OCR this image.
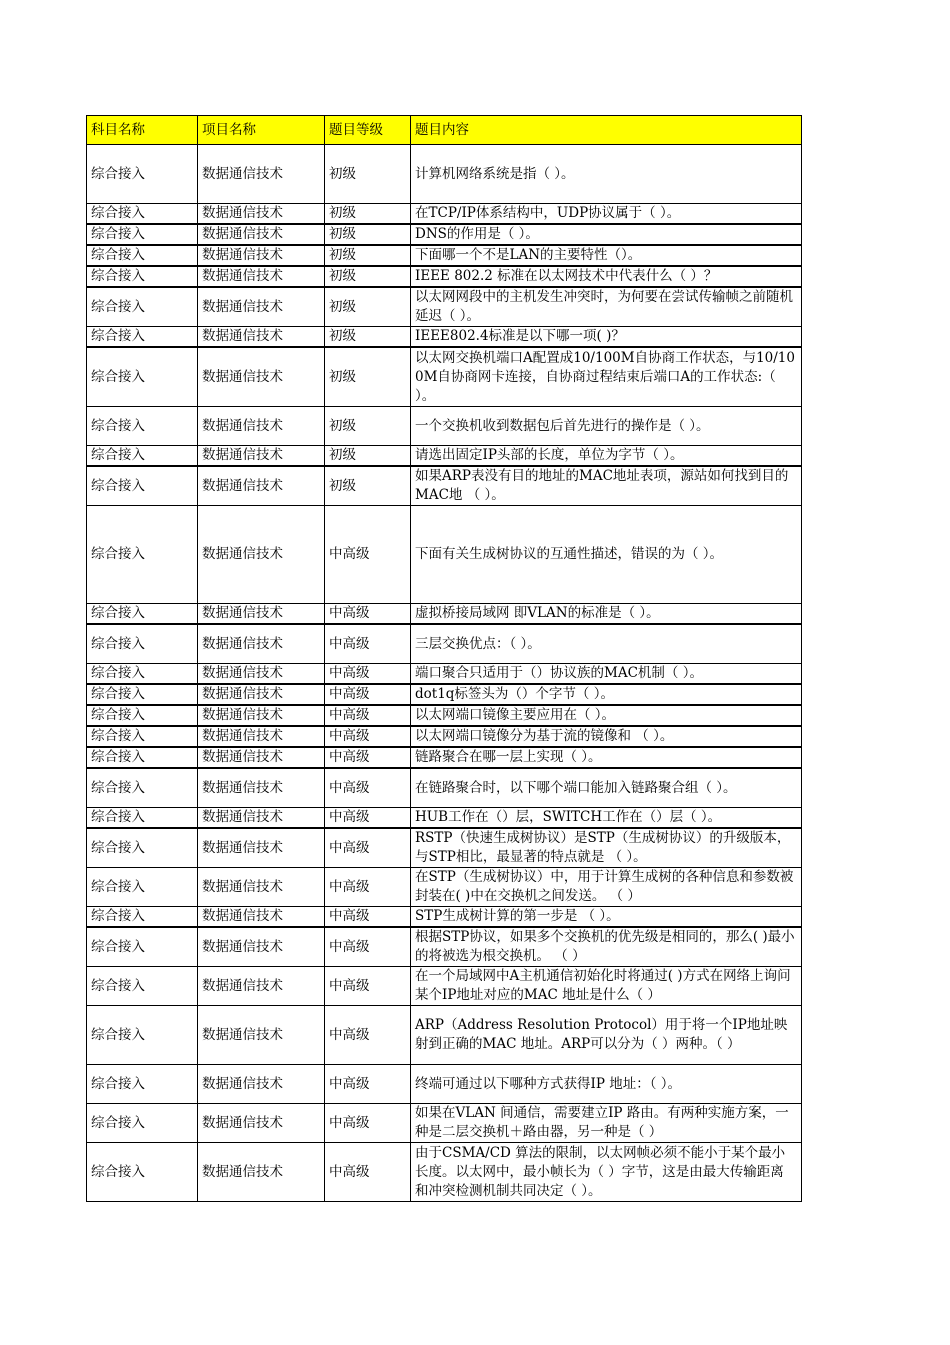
科目名称	项目名称	题目等级	题目内容
综合接入	数据通信技术	初级	计算机网络系统是指（ ）。
综合接入	数据通信技术	初级	在TCP/IP体系结构中，UDP协议属于（ ）。
综合接入	数据通信技术	初级	DNS的作用是（ ）。
综合接入	数据通信技术	初级	下面哪一个不是LAN的主要特性（）。
综合接入	数据通信技术	初级	IEEE 802.2 标准在以太网技术中代表什么（ ）？
综合接入	数据通信技术	初级	以太网网段中的主机发生冲突时，为何要在尝试传输帧之前随机延迟（ ）。
综合接入	数据通信技术	初级	IEEE802.4标准是以下哪一项( )？
综合接入	数据通信技术	初级	以太网交换机端口A配置成10/100M自协商工作状态，与10/100M自协商网卡连接，自协商过程结束后端口A的工作状态:（ ）。
综合接入	数据通信技术	初级	一个交换机收到数据包后首先进行的操作是（ ）。
综合接入	数据通信技术	初级	请选出固定IP头部的长度，单位为字节（ ）。
综合接入	数据通信技术	初级	如果ARP表没有目的地址的MAC地址表项，源站如何找到目的MAC地 （ ）。
综合接入	数据通信技术	中高级	下面有关生成树协议的互通性描述，错误的为（ ）。
综合接入	数据通信技术	中高级	虚拟桥接局域网 即VLAN的标准是（ ）。
综合接入	数据通信技术	中高级	三层交换优点：（ ）。
综合接入	数据通信技术	中高级	端口聚合只适用于（）协议族的MAC机制（ ）。
综合接入	数据通信技术	中高级	dot1q标签头为（）个字节（ ）。
综合接入	数据通信技术	中高级	以太网端口镜像主要应用在（ ）。
综合接入	数据通信技术	中高级	以太网端口镜像分为基于流的镜像和 （ ）。
综合接入	数据通信技术	中高级	链路聚合在哪一层上实现（ ）。
综合接入	数据通信技术	中高级	在链路聚合时，以下哪个端口能加入链路聚合组（ ）。
综合接入	数据通信技术	中高级	HUB工作在（）层，SWITCH工作在（）层（ ）。
综合接入	数据通信技术	中高级	RSTP（快速生成树协议）是STP（生成树协议）的升级版本，与STP相比，最显著的特点就是 （ ）。
综合接入	数据通信技术	中高级	在STP（生成树协议）中，用于计算生成树的各种信息和参数被封装在( )中在交换机之间发送。 （ ）
综合接入	数据通信技术	中高级	STP生成树计算的第一步是 （ ）。
综合接入	数据通信技术	中高级	根据STP协议，如果多个交换机的优先级是相同的，那么( )最小的将被选为根交换机。 （ ）
综合接入	数据通信技术	中高级	在一个局域网中A主机通信初始化时将通过( )方式在网络上询问某个IP地址对应的MAC 地址是什么（ ）
综合接入	数据通信技术	中高级	ARP（Address Resolution Protocol）用于将一个IP地址映射到正确的MAC 地址。ARP可以分为（ ）两种。（ ）
综合接入	数据通信技术	中高级	终端可通过以下哪种方式获得IP 地址：（ ）。
综合接入	数据通信技术	中高级	如果在VLAN 间通信，需要建立IP 路由。有两种实施方案，一种是二层交换机＋路由器，另一种是（ ）
综合接入	数据通信技术	中高级	由于CSMA/CD 算法的限制，以太网帧必须不能小于某个最小长度。以太网中，最小帧长为（ ）字节，这是由最大传输距离和冲突检测机制共同决定（ ）。
